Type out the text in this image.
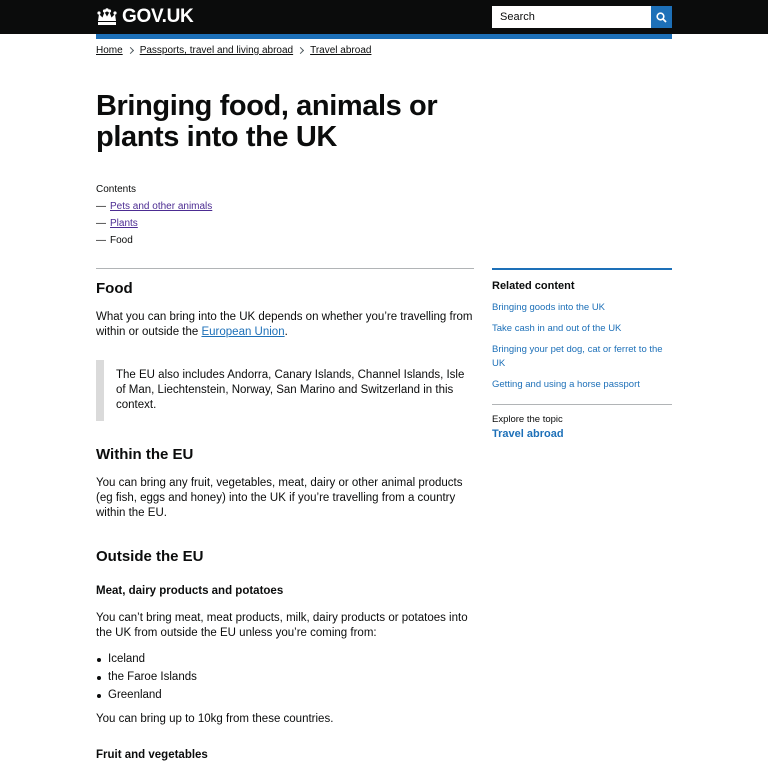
GOV.UK
Search
Home Passports, travel and living abroad Travel abroad
Bringing food, animals or plants into the UK
Contents
— Pets and other animals
— Plants
— Food
Food

What you can bring into the UK depends on whether you’re travelling from within or outside the European Union.

The EU also includes Andorra, Canary Islands, Channel Islands, Isle of Man, Liechtenstein, Norway, San Marino and Switzerland in this context.

Within the EU

You can bring any fruit, vegetables, meat, dairy or other animal products (eg fish, eggs and honey) into the UK if you’re travelling from a country within the EU.

Outside the EU
Meat, dairy products and potatoes

You can’t bring meat, meat products, milk, dairy products or potatoes into the UK from outside the EU unless you’re coming from:

Iceland
the Faroe Islands
Greenland

You can bring up to 10kg from these countries.

Fruit and vegetables
Related content
Bringing goods into the UK
Take cash in and out of the UK
Bringing your pet dog, cat or ferret to the UK
Getting and using a horse passport
Explore the topic
Travel abroad
